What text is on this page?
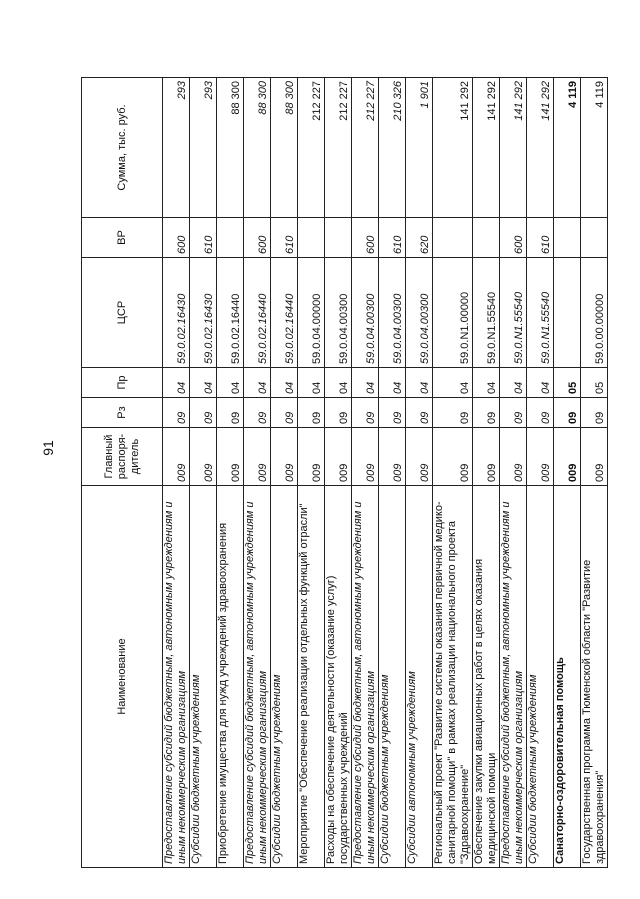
91
Наименование	Главный распоря-дитель	Рз	Пр	ЦСР	ВР	Сумма, тыс. руб.
Предоставление субсидий бюджетным, автономным учреждениям и иным некоммерческим организациям	009	09	04	59.0.02.16430	600	293
Субсидии бюджетным учреждениям	009	09	04	59.0.02.16430	610	293
Приобретение имущества для нужд учреждений здравоохранения	009	09	04	59.0.02.16440		88 300
Предоставление субсидий бюджетным, автономным учреждениям и иным некоммерческим организациям	009	09	04	59.0.02.16440	600	88 300
Субсидии бюджетным учреждениям	009	09	04	59.0.02.16440	610	88 300
Мероприятие "Обеспечение реализации отдельных функций отрасли"	009	09	04	59.0.04.00000		212 227
Расходы на обеспечение деятельности (оказание услуг) государственных учреждений	009	09	04	59.0.04.00300		212 227
Предоставление субсидий бюджетным, автономным учреждениям и иным некоммерческим организациям	009	09	04	59.0.04.00300	600	212 227
Субсидии бюджетным учреждениям	009	09	04	59.0.04.00300	610	210 326
Субсидии автономным учреждениям	009	09	04	59.0.04.00300	620	1 901
Региональный проект "Развитие системы оказания первичной медико-санитарной помощи" в рамках реализации национального проекта "Здравоохранение"	009	09	04	59.0.N1.00000		141 292
Обеспечение закупки авиационных работ в целях оказания медицинской помощи	009	09	04	59.0.N1.55540		141 292
Предоставление субсидий бюджетным, автономным учреждениям и иным некоммерческим организациям	009	09	04	59.0.N1.55540	600	141 292
Субсидии бюджетным учреждениям	009	09	04	59.0.N1.55540	610	141 292
Санаторно-оздоровительная помощь	009	09	05			4 119
Государственная программа Тюменской области "Развитие здравоохранения"	009	09	05	59.0.00.00000		4 119
